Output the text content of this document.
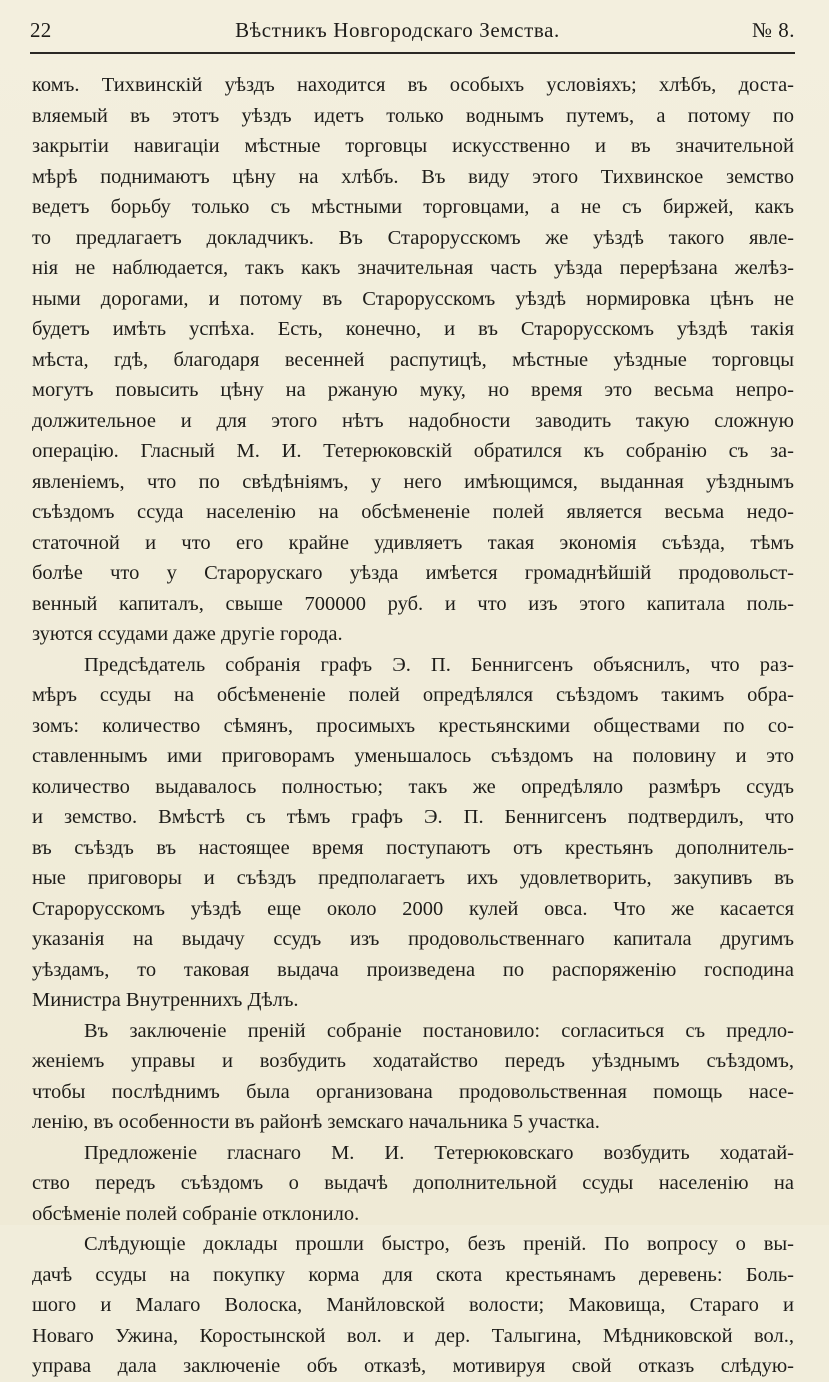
22	Вѣстникъ Новгородскаго Земства.	№ 8.
комъ. Тихвинскій уѣздъ находится въ особыхъ условіяхъ; хлѣбъ, доста-
вляемый въ этотъ уѣздъ идетъ только воднымъ путемъ, а потому по
закрытіи навигаціи мѣстные торговцы искусственно и въ значительной
мѣрѣ поднимаютъ цѣну на хлѣбъ. Въ виду этого Тихвинское земство
ведетъ борьбу только съ мѣстными торговцами, а не съ биржей, какъ
то предлагаетъ докладчикъ. Въ Старорусскомъ же уѣздѣ такого явле-
нія не наблюдается, такъ какъ значительная часть уѣзда перерѣзана желѣз-
ными дорогами, и потому въ Старорусскомъ уѣздѣ нормировка цѣнъ не
будетъ имѣть успѣха. Есть, конечно, и въ Старорусскомъ уѣздѣ такія
мѣста, гдѣ, благодаря весенней распутицѣ, мѣстные уѣздные торговцы
могутъ повысить цѣну на ржаную муку, но время это весьма непро-
должительное и для этого нѣтъ надобности заводить такую сложную
операцію. Гласный М. И. Тетерюковскій обратился къ собранію съ за-
явленіемъ, что по свѣдѣніямъ, у него имѣющимся, выданная уѣзднымъ
съѣздомъ ссуда населенію на обсѣмененіе полей является весьма недо-
статочной и что его крайне удивляетъ такая экономія съѣзда, тѣмъ
болѣе что у Старорускаго уѣзда имѣется громаднѣйшій продовольст-
венный капиталъ, свыше 700000 руб. и что изъ этого капитала поль-
зуются ссудами даже другіе города.
Предсѣдатель собранія графъ Э. П. Беннигсенъ объяснилъ, что раз-
мѣръ ссуды на обсѣмененіе полей опредѣлялся съѣздомъ такимъ обра-
зомъ: количество сѣмянъ, просимыхъ крестьянскими обществами по со-
ставленнымъ ими приговорамъ уменьшалось съѣздомъ на половину и это
количество выдавалось полностью; такъ же опредѣляло размѣръ ссудъ
и земство. Вмѣстѣ съ тѣмъ графъ Э. П. Беннигсенъ подтвердилъ, что
въ съѣздъ въ настоящее время поступаютъ отъ крестьянъ дополнитель-
ные приговоры и съѣздъ предполагаетъ ихъ удовлетворить, закупивъ въ
Старорусскомъ уѣздѣ еще около 2000 кулей овса. Что же касается
указанія на выдачу ссудъ изъ продовольственнаго капитала другимъ
уѣздамъ, то таковая выдача произведена по распоряженію господина
Министра Внутреннихъ Дѣлъ.
Въ заключеніе преній собраніе постановило: согласиться съ предло-
женіемъ управы и возбудить ходатайство передъ уѣзднымъ съѣздомъ,
чтобы послѣднимъ была организована продовольственная помощь насе-
ленію, въ особенности въ районѣ земскаго начальника 5 участка.
Предложеніе гласнаго М. И. Тетерюковскаго возбудить ходатай-
ство передъ съѣздомъ о выдачѣ дополнительной ссуды населенію на
обсѣменіе полей собраніе отклонило.
Слѣдующіе доклады прошли быстро, безъ преній. По вопросу о вы-
дачѣ ссуды на покупку корма для скота крестьянамъ деревень: Боль-
шого и Малаго Волоска, Манйловской волости; Маковища, Стараго и
Новаго Ужина, Коростынской вол. и дер. Талыгина, Мѣдниковской вол.,
управа дала заключеніе объ отказѣ, мотивируя свой отказъ слѣдую-
